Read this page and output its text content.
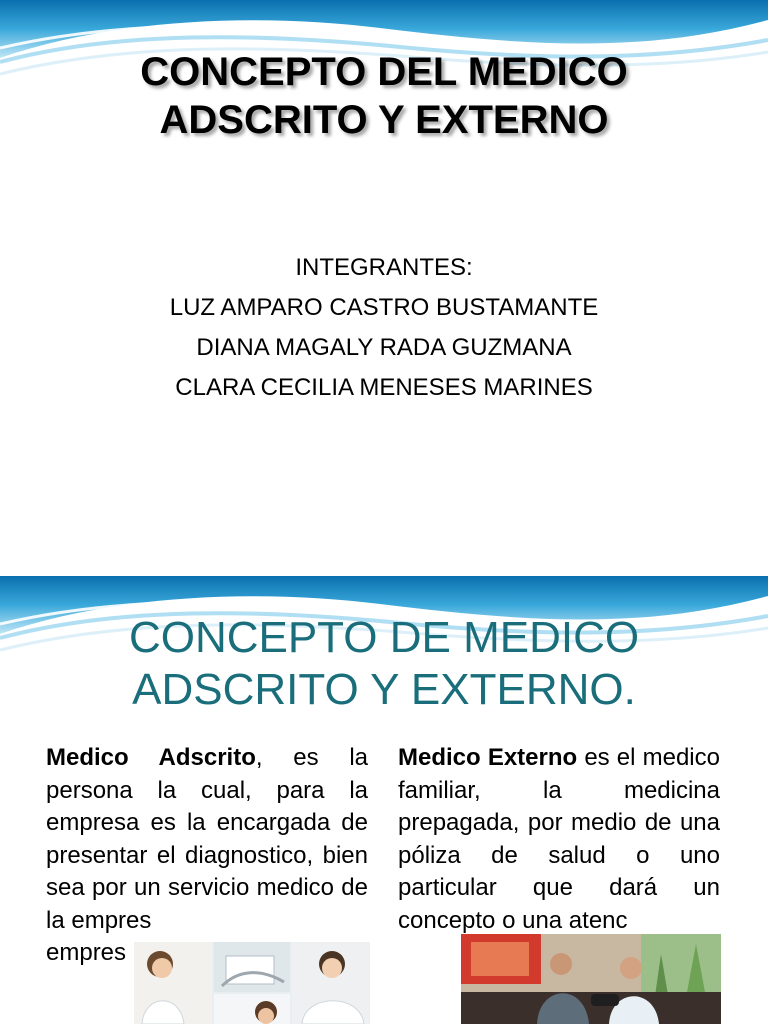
CONCEPTO DEL MEDICO
ADSCRITO Y EXTERNO
INTEGRANTES:
LUZ AMPARO CASTRO BUSTAMANTE
DIANA MAGALY RADA GUZMANA
CLARA CECILIA MENESES MARINES
CONCEPTO DE MEDICO
ADSCRITO Y EXTERNO.
Medico Adscrito, es la persona la cual, para la empresa es la encargada de presentar el diagnostico, bien sea por un servicio medico de la empres

empres
Medico Externo es el medico familiar, la medicina prepagada, por medio de una póliza de salud o uno particular que dará un concepto o una atenc
